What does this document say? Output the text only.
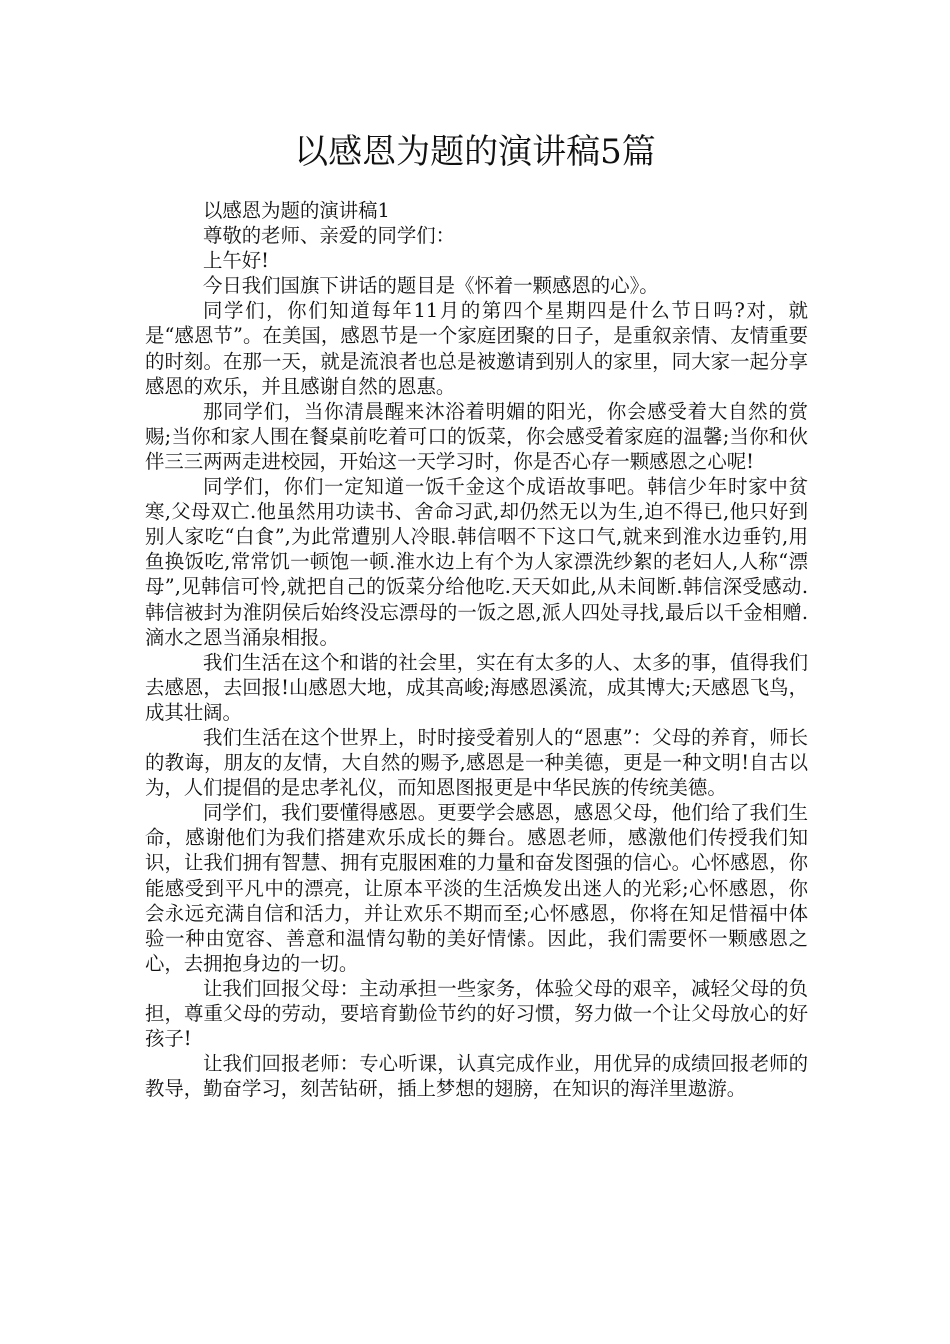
以感恩为题的演讲稿5篇

以感恩为题的演讲稿1

尊敬的老师、亲爱的同学们：

上午好!

今日我们国旗下讲话的题目是《怀着一颗感恩的心》。

同学们，你们知道每年11月的第四个星期四是什么节日吗?对，就是“感恩节”。在美国，感恩节是一个家庭团聚的日子，是重叙亲情、友情重要的时刻。在那一天，就是流浪者也总是被邀请到别人的家里，同大家一起分享感恩的欢乐，并且感谢自然的恩惠。

那同学们，当你清晨醒来沐浴着明媚的阳光，你会感受着大自然的赏赐;当你和家人围在餐桌前吃着可口的饭菜，你会感受着家庭的温馨;当你和伙伴三三两两走进校园，开始这一天学习时，你是否心存一颗感恩之心呢!

同学们，你们一定知道一饭千金这个成语故事吧。韩信少年时家中贫寒,父母双亡.他虽然用功读书、舍命习武,却仍然无以为生,迫不得已,他只好到别人家吃“白食”,为此常遭别人冷眼.韩信咽不下这口气,就来到淮水边垂钓,用鱼换饭吃,常常饥一顿饱一顿.淮水边上有个为人家漂洗纱絮的老妇人,人称“漂母”,见韩信可怜,就把自己的饭菜分给他吃.天天如此,从未间断.韩信深受感动.韩信被封为淮阴侯后始终没忘漂母的一饭之恩,派人四处寻找,最后以千金相赠.滴水之恩当涌泉相报。

我们生活在这个和谐的社会里，实在有太多的人、太多的事，值得我们去感恩，去回报!山感恩大地，成其高峻;海感恩溪流，成其博大;天感恩飞鸟，成其壮阔。

我们生活在这个世界上，时时接受着别人的“恩惠”：父母的养育，师长的教诲，朋友的友情，大自然的赐予,感恩是一种美德，更是一种文明!自古以为，人们提倡的是忠孝礼仪，而知恩图报更是中华民族的传统美德。

同学们，我们要懂得感恩。更要学会感恩，感恩父母，他们给了我们生命，感谢他们为我们搭建欢乐成长的舞台。感恩老师，感激他们传授我们知识，让我们拥有智慧、拥有克服困难的力量和奋发图强的信心。心怀感恩，你能感受到平凡中的漂亮，让原本平淡的生活焕发出迷人的光彩;心怀感恩，你会永远充满自信和活力，并让欢乐不期而至;心怀感恩，你将在知足惜福中体验一种由宽容、善意和温情勾勒的美好情愫。因此，我们需要怀一颗感恩之心，去拥抱身边的一切。

让我们回报父母：主动承担一些家务，体验父母的艰辛，减轻父母的负担，尊重父母的劳动，要培育勤俭节约的好习惯，努力做一个让父母放心的好孩子!

让我们回报老师：专心听课，认真完成作业，用优异的成绩回报老师的教导，勤奋学习，刻苦钻研，插上梦想的翅膀，在知识的海洋里遨游。
